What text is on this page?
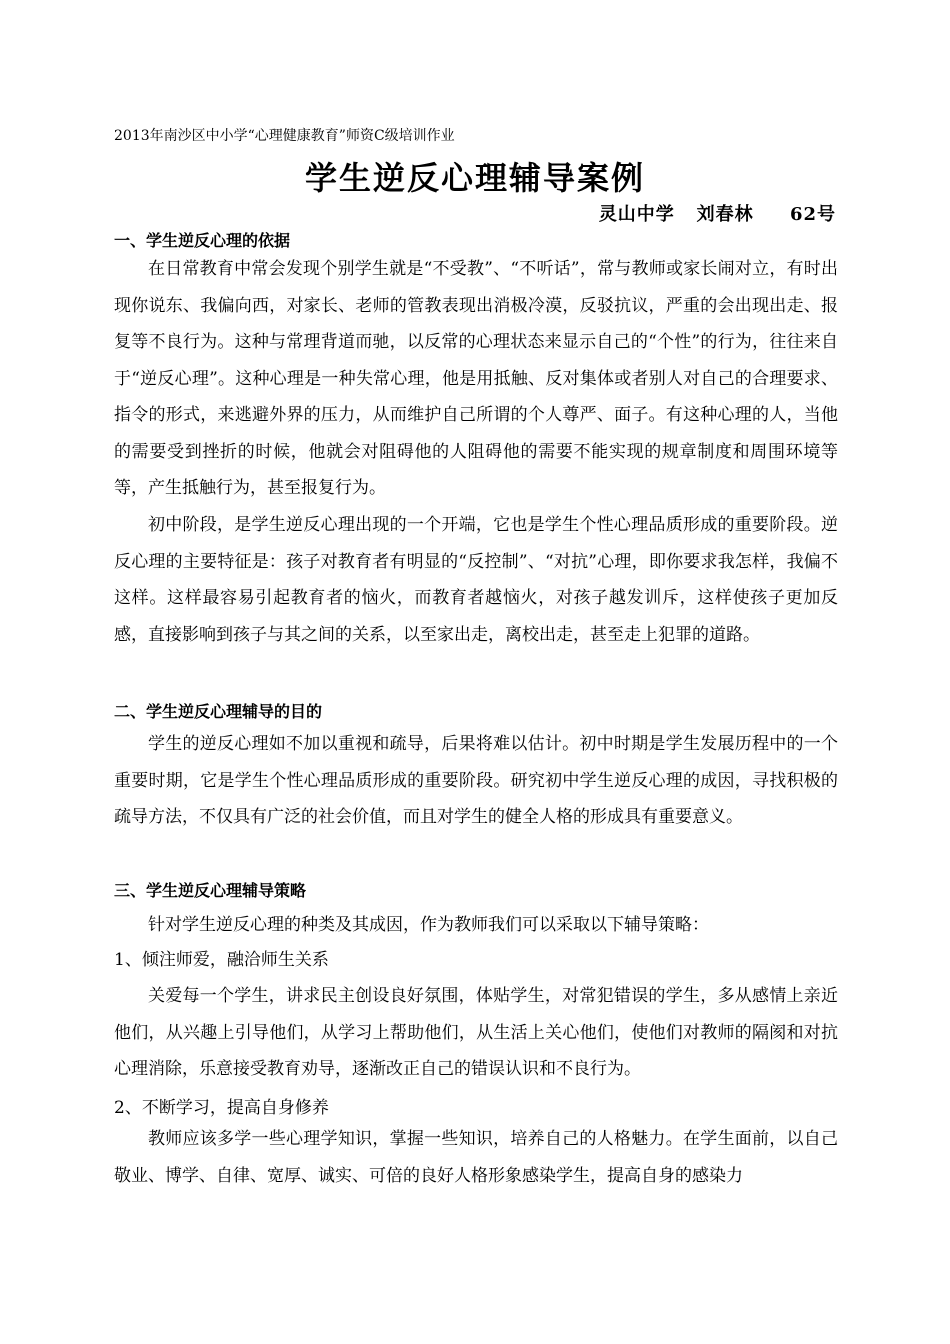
2013年南沙区中小学“心理健康教育”师资C级培训作业
学生逆反心理辅导案例
灵山中学   刘春林     62号
一、学生逆反心理的依据

在日常教育中常会发现个别学生就是“不受教”、“不听话”，常与教师或家长闹对立，有时出现你说东、我偏向西，对家长、老师的管教表现出消极冷漠，反驳抗议，严重的会出现出走、报复等不良行为。这种与常理背道而驰，以反常的心理状态来显示自己的“个性”的行为，往往来自于“逆反心理”。这种心理是一种失常心理，他是用抵触、反对集体或者别人对自己的合理要求、指令的形式，来逃避外界的压力，从而维护自己所谓的个人尊严、面子。有这种心理的人，当他的需要受到挫折的时候，他就会对阻碍他的人阻碍他的需要不能实现的规章制度和周围环境等等，产生抵触行为，甚至报复行为。

初中阶段，是学生逆反心理出现的一个开端，它也是学生个性心理品质形成的重要阶段。逆反心理的主要特征是：孩子对教育者有明显的“反控制”、“对抗”心理，即你要求我怎样，我偏不这样。这样最容易引起教育者的恼火，而教育者越恼火，对孩子越发训斥，这样使孩子更加反感，直接影响到孩子与其之间的关系，以至家出走，离校出走，甚至走上犯罪的道路。

二、学生逆反心理辅导的目的

学生的逆反心理如不加以重视和疏导，后果将难以估计。初中时期是学生发展历程中的一个重要时期，它是学生个性心理品质形成的重要阶段。研究初中学生逆反心理的成因，寻找积极的疏导方法，不仅具有广泛的社会价值，而且对学生的健全人格的形成具有重要意义。

三、学生逆反心理辅导策略

针对学生逆反心理的种类及其成因，作为教师我们可以采取以下辅导策略：

1、倾注师爱，融洽师生关系

关爱每一个学生，讲求民主创设良好氛围，体贴学生，对常犯错误的学生，多从感情上亲近他们，从兴趣上引导他们，从学习上帮助他们，从生活上关心他们，使他们对教师的隔阂和对抗心理消除，乐意接受教育劝导，逐渐改正自己的错误认识和不良行为。

2、不断学习，提高自身修养

教师应该多学一些心理学知识，掌握一些知识，培养自己的人格魅力。在学生面前，以自己敬业、博学、自律、宽厚、诚实、可倍的良好人格形象感染学生，提高自身的感染力
